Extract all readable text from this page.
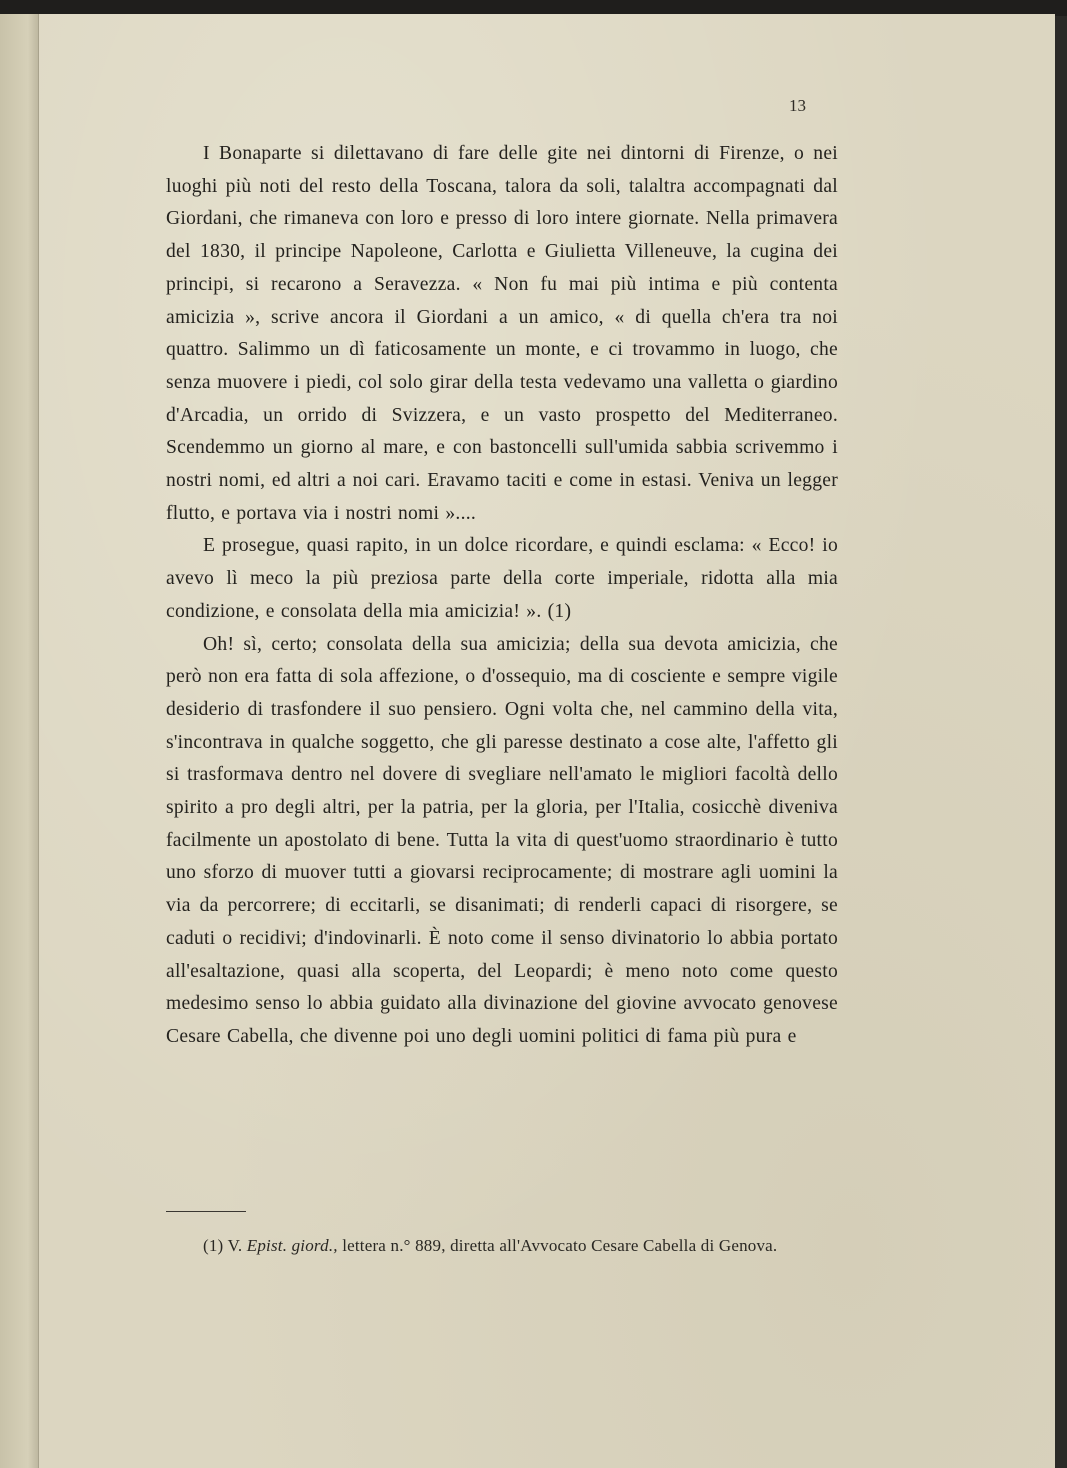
13

I Bonaparte si dilettavano di fare delle gite nei dintorni di Firenze, o nei luoghi più noti del resto della Toscana, talora da soli, talaltra accompagnati dal Giordani, che rimaneva con loro e presso di loro intere giornate. Nella primavera del 1830, il principe Napoleone, Carlotta e Giulietta Villeneuve, la cugina dei principi, si recarono a Seravezza. « Non fu mai più intima e più contenta amicizia », scrive ancora il Giordani a un amico, « di quella ch'era tra noi quattro. Salimmo un dì faticosamente un monte, e ci trovammo in luogo, che senza muovere i piedi, col solo girar della testa vedevamo una valletta o giardino d'Arcadia, un orrido di Svizzera, e un vasto prospetto del Mediterraneo. Scendemmo un giorno al mare, e con bastoncelli sull'umida sabbia scrivemmo i nostri nomi, ed altri a noi cari. Eravamo taciti e come in estasi. Veniva un legger flutto, e portava via i nostri nomi »....

E prosegue, quasi rapito, in un dolce ricordare, e quindi esclama: « Ecco! io avevo lì meco la più preziosa parte della corte imperiale, ridotta alla mia condizione, e consolata della mia amicizia! ». (1)

Oh! sì, certo; consolata della sua amicizia; della sua devota amicizia, che però non era fatta di sola affezione, o d'ossequio, ma di cosciente e sempre vigile desiderio di trasfondere il suo pensiero. Ogni volta che, nel cammino della vita, s'incontrava in qualche soggetto, che gli paresse destinato a cose alte, l'affetto gli si trasformava dentro nel dovere di svegliare nell'amato le migliori facoltà dello spirito a pro degli altri, per la patria, per la gloria, per l'Italia, cosicchè diveniva facilmente un apostolato di bene. Tutta la vita di quest'uomo straordinario è tutto uno sforzo di muover tutti a giovarsi reciprocamente; di mostrare agli uomini la via da percorrere; di eccitarli, se disanimati; di renderli capaci di risorgere, se caduti o recidivi; d'indovinarli. È noto come il senso divinatorio lo abbia portato all'esaltazione, quasi alla scoperta, del Leopardi; è meno noto come questo medesimo senso lo abbia guidato alla divinazione del giovine avvocato genovese Cesare Cabella, che divenne poi uno degli uomini politici di fama più pura e

(1) V. Epist. giord., lettera n.° 889, diretta all'Avvocato Cesare Cabella di Genova.
